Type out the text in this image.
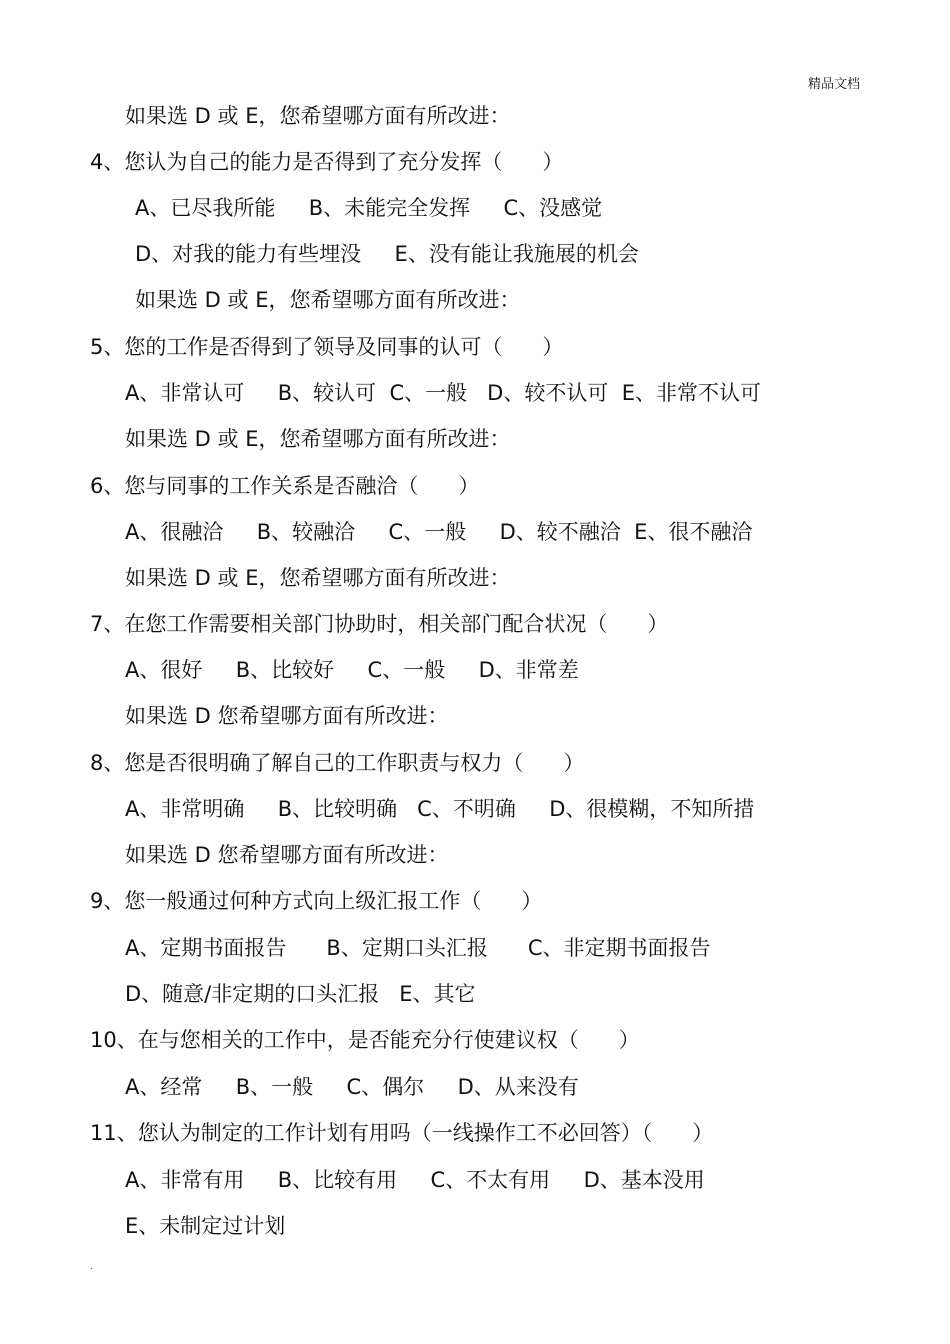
精品文档
如果选 D 或 E，您希望哪方面有所改进：
4、您认为自己的能力是否得到了充分发挥（      ）
A、已尽我所能     B、未能完全发挥     C、没感觉
D、对我的能力有些埋没     E、没有能让我施展的机会
如果选 D 或 E，您希望哪方面有所改进：
5、您的工作是否得到了领导及同事的认可（      ）
A、非常认可     B、较认可  C、一般   D、较不认可  E、非常不认可
如果选 D 或 E，您希望哪方面有所改进：
6、您与同事的工作关系是否融洽（      ）
A、很融洽     B、较融洽     C、一般     D、较不融洽  E、很不融洽
如果选 D 或 E，您希望哪方面有所改进：
7、在您工作需要相关部门协助时，相关部门配合状况（      ）
A、很好     B、比较好     C、一般     D、非常差
如果选 D 您希望哪方面有所改进：
8、您是否很明确了解自己的工作职责与权力（      ）
A、非常明确     B、比较明确   C、不明确     D、很模糊，不知所措
如果选 D 您希望哪方面有所改进：
9、您一般通过何种方式向上级汇报工作（      ）
A、定期书面报告      B、定期口头汇报      C、非定期书面报告
D、随意/非定期的口头汇报   E、其它
10、在与您相关的工作中，是否能充分行使建议权（      ）
A、经常     B、一般     C、偶尔     D、从来没有
11、您认为制定的工作计划有用吗（一线操作工不必回答）（      ）
A、非常有用     B、比较有用     C、不太有用     D、基本没用
E、未制定过计划
.
